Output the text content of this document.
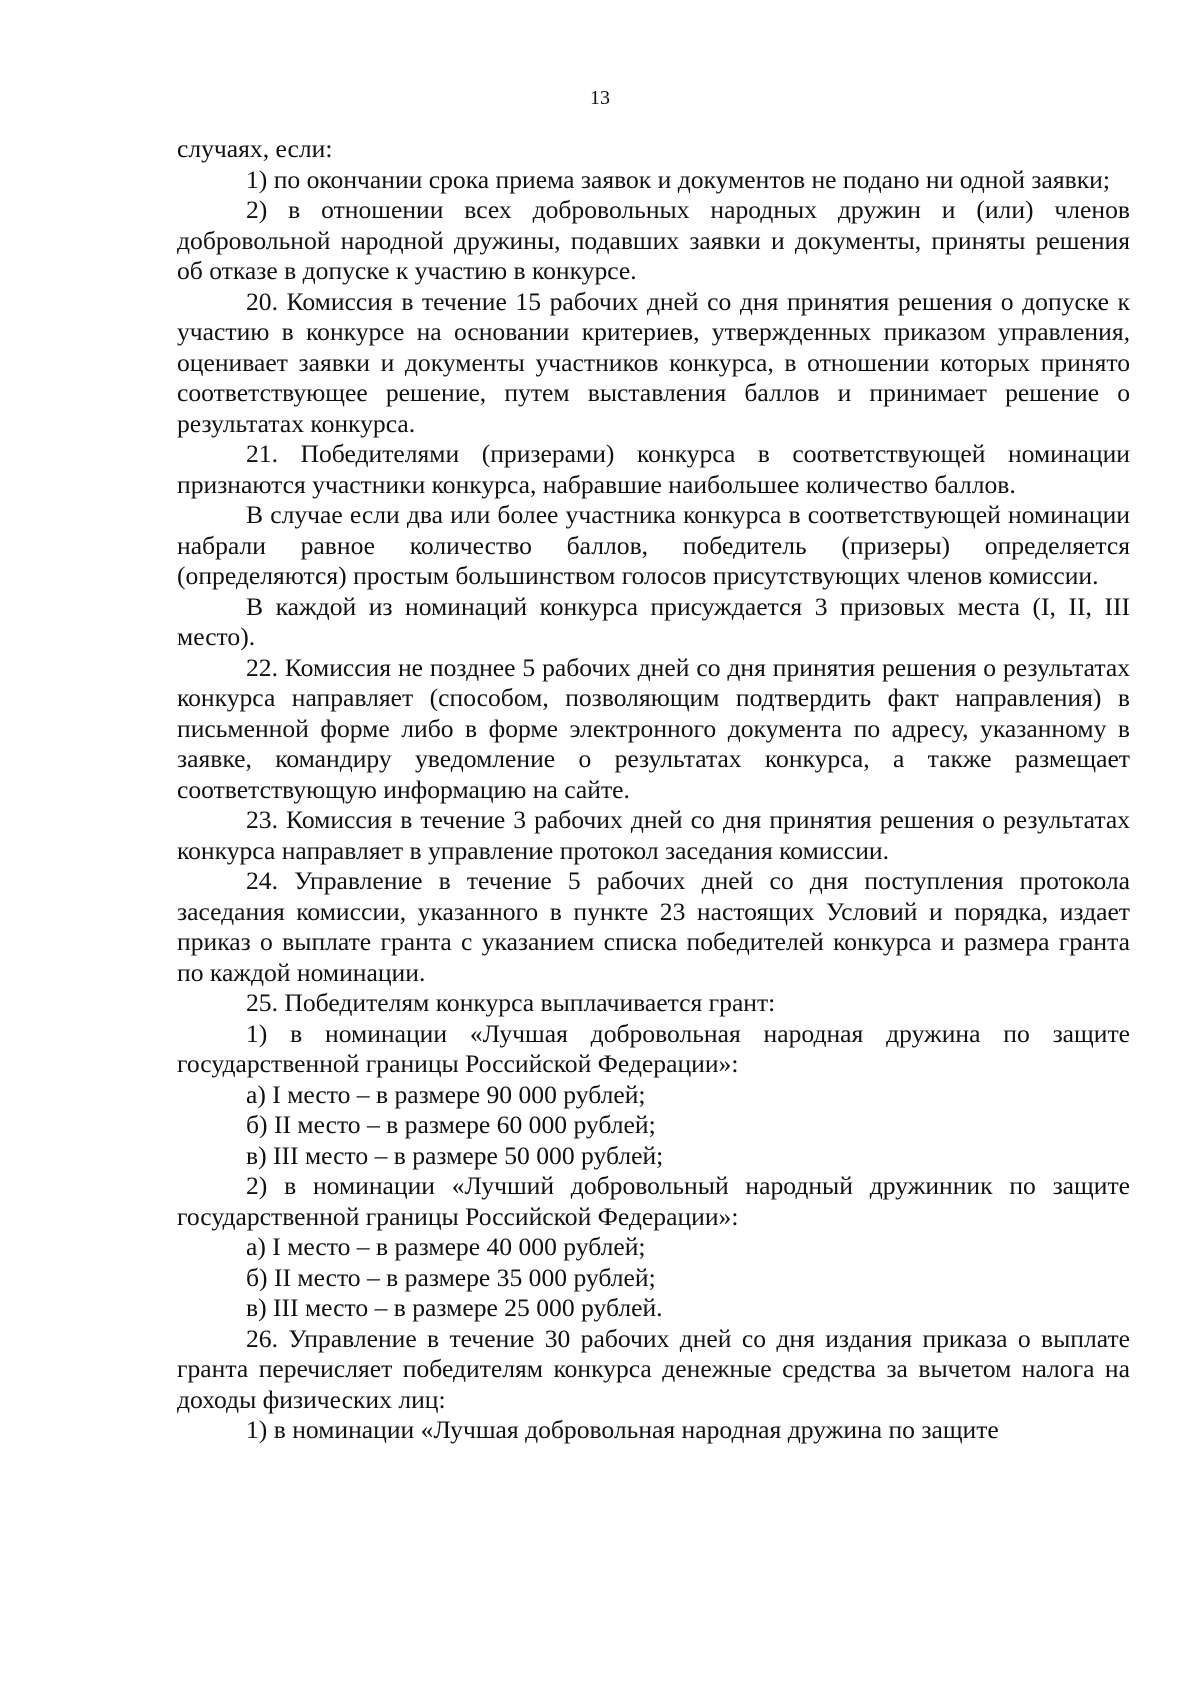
13

случаях, если:

1) по окончании срока приема заявок и документов не подано ни одной заявки;

2) в отношении всех добровольных народных дружин и (или) членов добровольной народной дружины, подавших заявки и документы, приняты решения об отказе в допуске к участию в конкурсе.

20. Комиссия в течение 15 рабочих дней со дня принятия решения о допуске к участию в конкурсе на основании критериев, утвержденных приказом управления, оценивает заявки и документы участников конкурса, в отношении которых принято соответствующее решение, путем выставления баллов и принимает решение о результатах конкурса.

21. Победителями (призерами) конкурса в соответствующей номинации признаются участники конкурса, набравшие наибольшее количество баллов.

В случае если два или более участника конкурса в соответствующей номинации набрали равное количество баллов, победитель (призеры) определяется (определяются) простым большинством голосов присутствующих членов комиссии.

В каждой из номинаций конкурса присуждается 3 призовых места (I, II, III место).

22. Комиссия не позднее 5 рабочих дней со дня принятия решения о результатах конкурса направляет (способом, позволяющим подтвердить факт направления) в письменной форме либо в форме электронного документа по адресу, указанному в заявке, командиру уведомление о результатах конкурса, а также размещает соответствующую информацию на сайте.

23. Комиссия в течение 3 рабочих дней со дня принятия решения о результатах конкурса направляет в управление протокол заседания комиссии.

24. Управление в течение 5 рабочих дней со дня поступления протокола заседания комиссии, указанного в пункте 23 настоящих Условий и порядка, издает приказ о выплате гранта с указанием списка победителей конкурса и размера гранта по каждой номинации.

25. Победителям конкурса выплачивается грант:

1) в номинации «Лучшая добровольная народная дружина по защите государственной границы Российской Федерации»:

а) I место – в размере 90 000 рублей;

б) II место – в размере 60 000 рублей;

в) III место – в размере 50 000 рублей;

2) в номинации «Лучший добровольный народный дружинник по защите государственной границы Российской Федерации»:

а) I место – в размере 40 000 рублей;

б) II место – в размере 35 000 рублей;

в) III место – в размере 25 000 рублей.

26. Управление в течение 30 рабочих дней со дня издания приказа о выплате гранта перечисляет победителям конкурса денежные средства за вычетом налога на доходы физических лиц:

1) в номинации «Лучшая добровольная народная дружина по защите
